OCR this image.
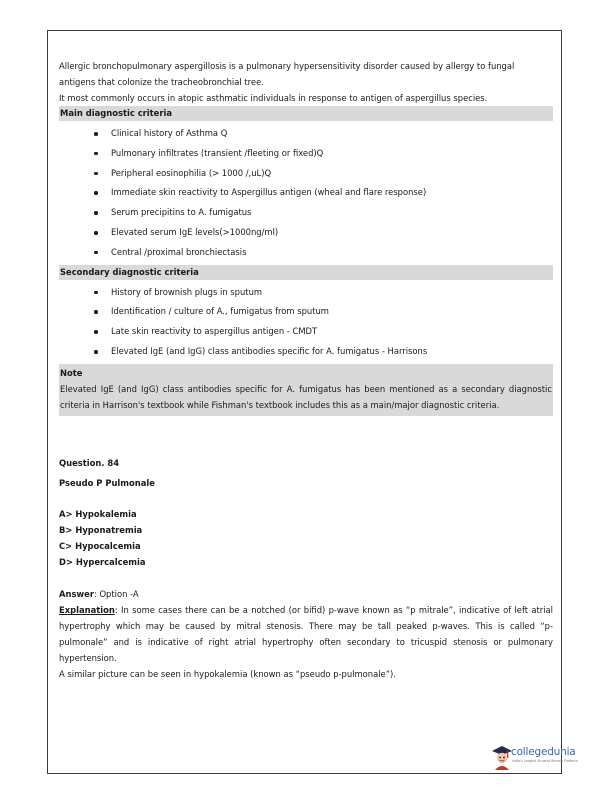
Allergic bronchopulmonary aspergillosis is a pulmonary hypersensitivity disorder caused by allergy to fungal antigens that colonize the tracheobronchial tree.

It most commonly occurs in atopic asthmatic individuals in response to antigen of aspergillus species.

Main diagnostic criteria
Clinical history of Asthma Q
Pulmonary infiltrates (transient /fleeting or fixed)Q
Peripheral eosinophilia (> 1000 /,uL)Q
Immediate skin reactivity to Aspergillus antigen (wheal and flare response)
Serum precipitins to A. fumigatus
Elevated serum IgE levels(>1000ng/ml)
Central /proximal bronchiectasis
Secondary diagnostic criteria
History of brownish plugs in sputum
Identification / culture of A., fumigatus from sputum
Late skin reactivity to aspergillus antigen - CMDT
Elevated IgE (and IgG) class antibodies specific for A. fumigatus - Harrisons
Note
Elevated IgE (and IgG) class antibodies specific for A. fumigatus has been mentioned as a secondary diagnostic criteria in Harrison's textbook while Fishman's textbook includes this as a main/major diagnostic criteria.
Question. 84
Pseudo P Pulmonale
A> Hypokalemia
B> Hyponatremia
C> Hypocalcemia
D> Hypercalcemia
Answer: Option -A
Explanation: In some cases there can be a notched (or bifid) p-wave known as “p mitrale”, indicative of left atrial hypertrophy which may be caused by mitral stenosis. There may be tall peaked p-waves. This is called “p-pulmonale” and is indicative of right atrial hypertrophy often secondary to tricuspid stenosis or pulmonary hypertension.
A similar picture can be seen in hypokalemia (known as “pseudo p-pulmonale”).
collegedunia
India's Largest Student Review Platform
